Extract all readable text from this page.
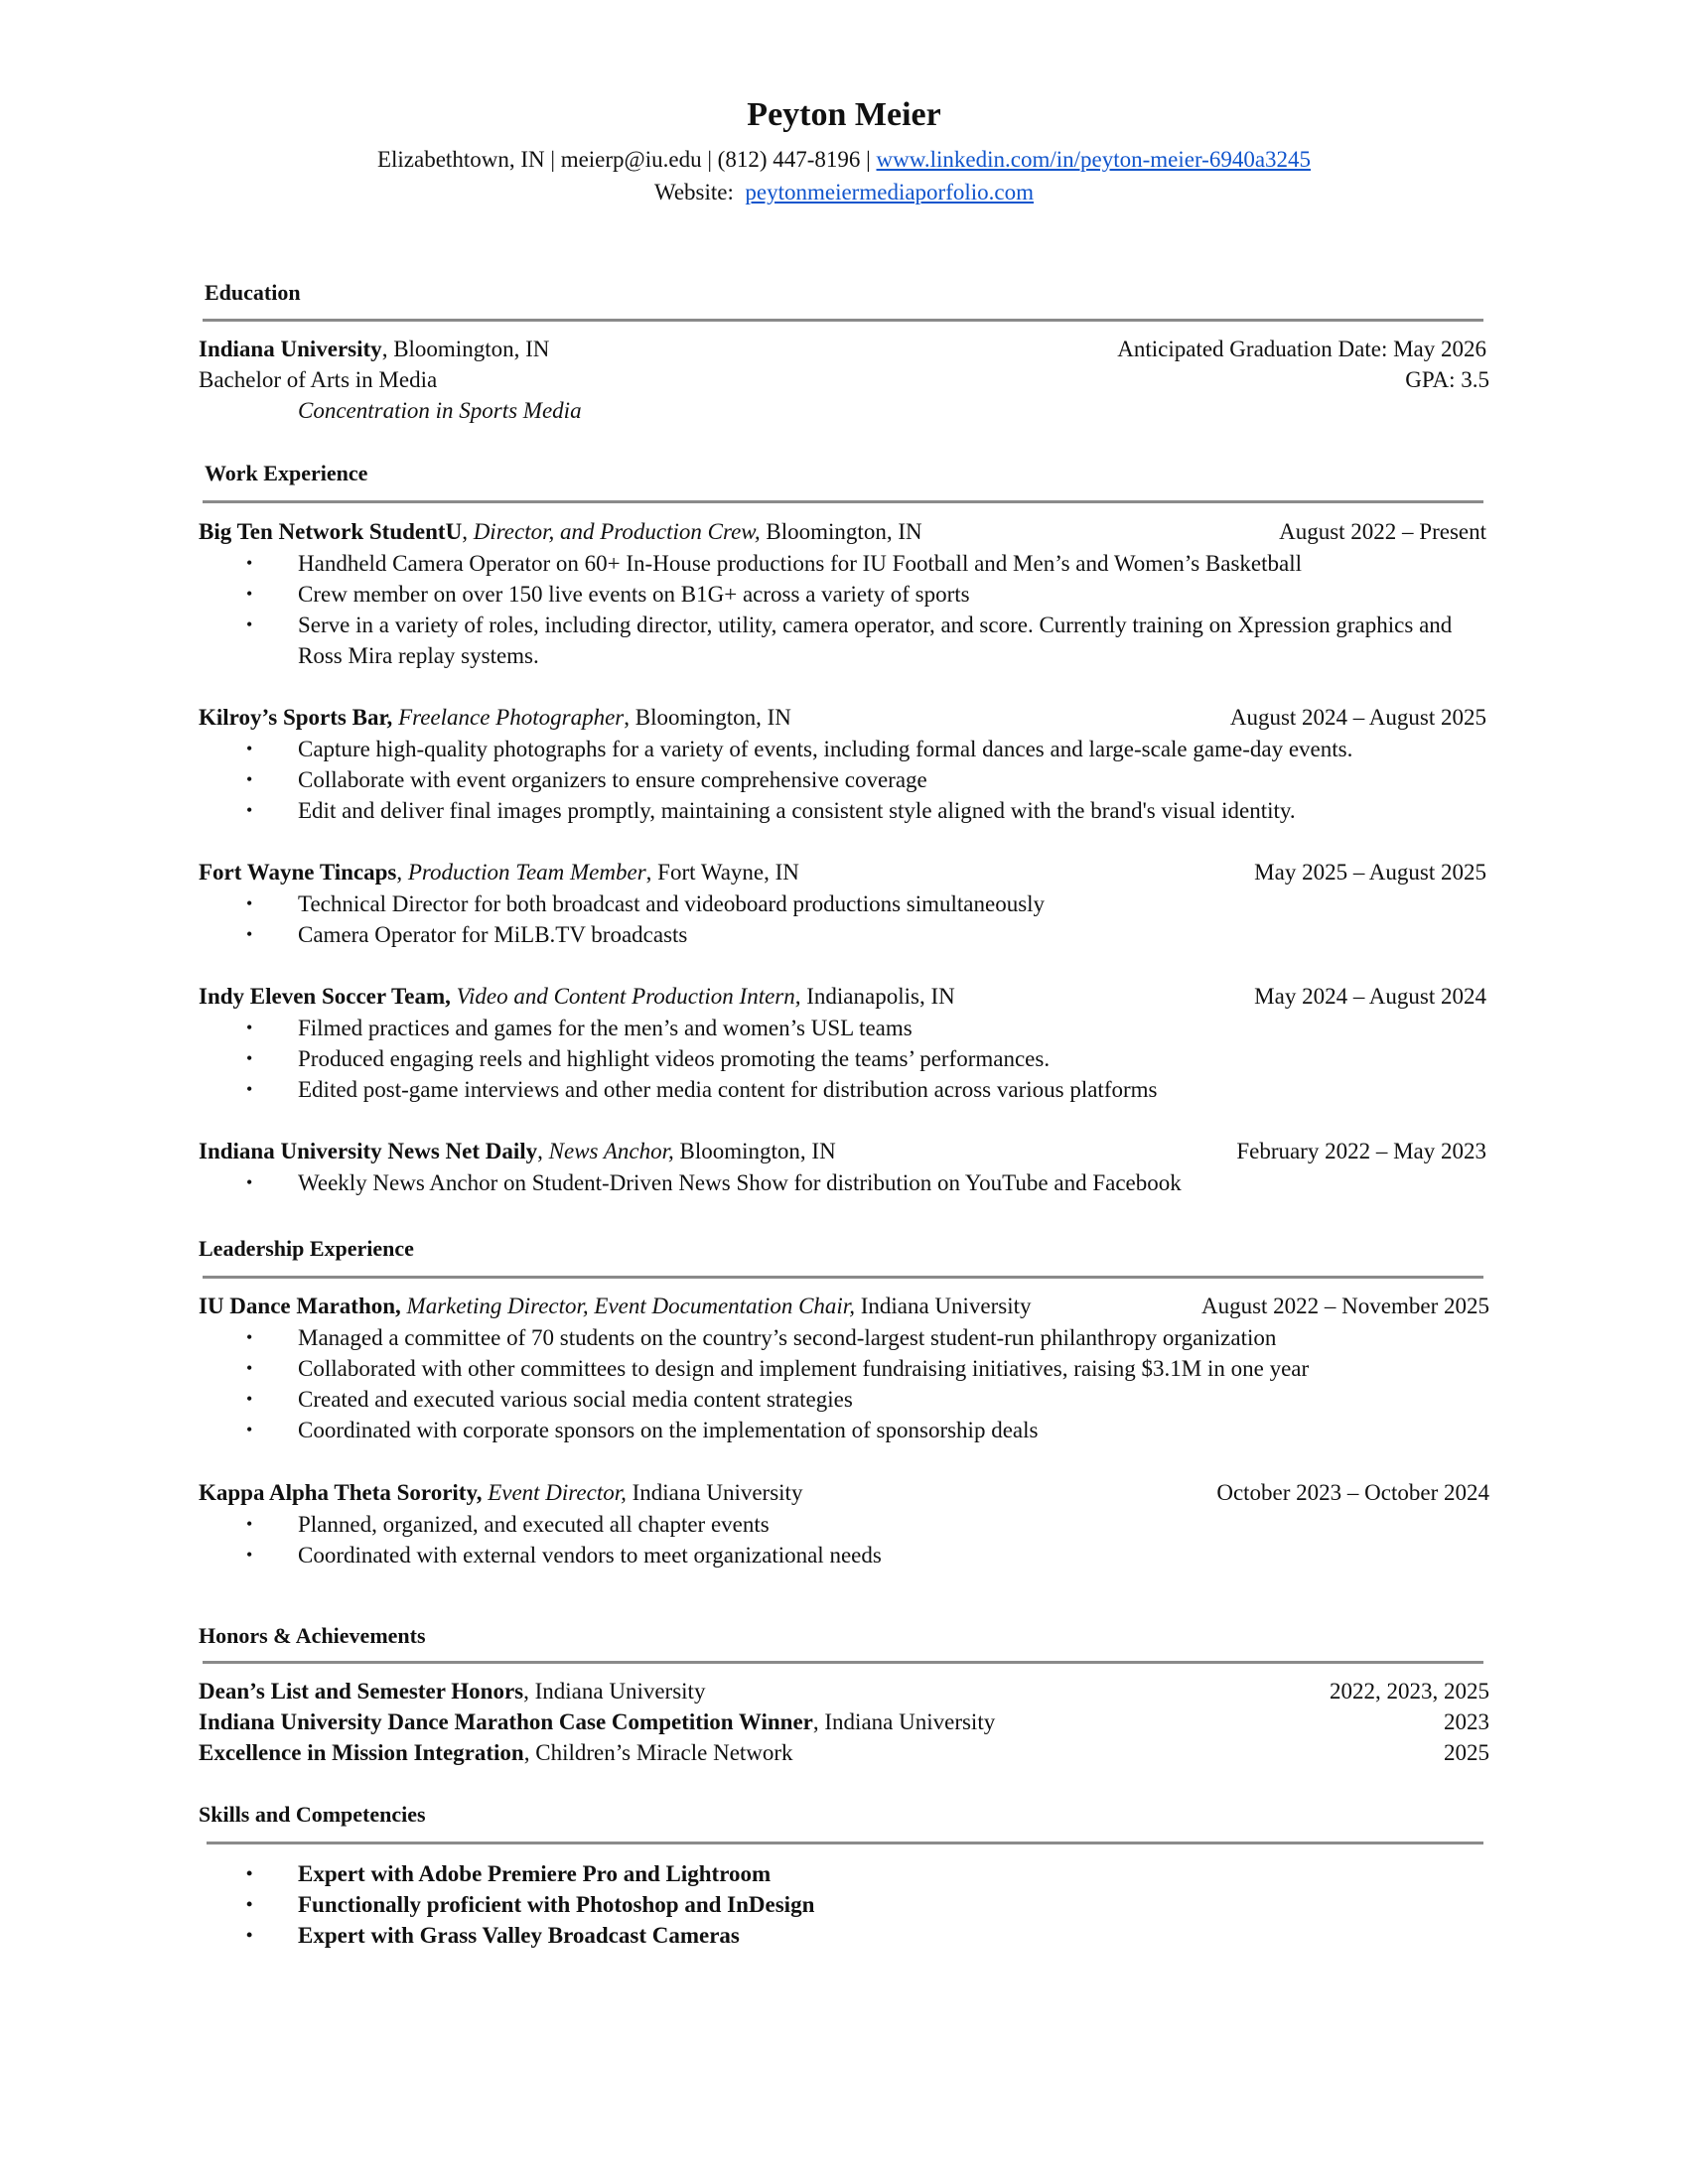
Peyton Meier
Elizabethtown, IN | meierp@iu.edu | (812) 447-8196 | www.linkedin.com/in/peyton-meier-6940a3245
Website: peytonmeiermediaporfolio.com
Education
Indiana University, Bloomington, IN	Anticipated Graduation Date: May 2026
Bachelor of Arts in Media	GPA: 3.5
Concentration in Sports Media
Work Experience
Big Ten Network StudentU, Director, and Production Crew, Bloomington, IN	August 2022 – Present
• Handheld Camera Operator on 60+ In-House productions for IU Football and Men’s and Women’s Basketball
• Crew member on over 150 live events on B1G+ across a variety of sports
• Serve in a variety of roles, including director, utility, camera operator, and score. Currently training on Xpression graphics and Ross Mira replay systems.
Kilroy’s Sports Bar, Freelance Photographer, Bloomington, IN	August 2024 – August 2025
• Capture high-quality photographs for a variety of events, including formal dances and large-scale game-day events.
• Collaborate with event organizers to ensure comprehensive coverage
• Edit and deliver final images promptly, maintaining a consistent style aligned with the brand's visual identity.
Fort Wayne Tincaps, Production Team Member, Fort Wayne, IN	May 2025 – August 2025
• Technical Director for both broadcast and videoboard productions simultaneously
• Camera Operator for MiLB.TV broadcasts
Indy Eleven Soccer Team, Video and Content Production Intern, Indianapolis, IN	May 2024 – August 2024
• Filmed practices and games for the men’s and women’s USL teams
• Produced engaging reels and highlight videos promoting the teams’ performances.
• Edited post-game interviews and other media content for distribution across various platforms
Indiana University News Net Daily, News Anchor, Bloomington, IN	February 2022 – May 2023
• Weekly News Anchor on Student-Driven News Show for distribution on YouTube and Facebook
Leadership Experience
IU Dance Marathon, Marketing Director, Event Documentation Chair, Indiana University	August 2022 – November 2025
• Managed a committee of 70 students on the country’s second-largest student-run philanthropy organization
• Collaborated with other committees to design and implement fundraising initiatives, raising $3.1M in one year
• Created and executed various social media content strategies
• Coordinated with corporate sponsors on the implementation of sponsorship deals
Kappa Alpha Theta Sorority, Event Director, Indiana University	October 2023 – October 2024
• Planned, organized, and executed all chapter events
• Coordinated with external vendors to meet organizational needs
Honors & Achievements
Dean’s List and Semester Honors, Indiana University	2022, 2023, 2025
Indiana University Dance Marathon Case Competition Winner, Indiana University	2023
Excellence in Mission Integration, Children’s Miracle Network	2025
Skills and Competencies
• Expert with Adobe Premiere Pro and Lightroom
• Functionally proficient with Photoshop and InDesign
• Expert with Grass Valley Broadcast Cameras
